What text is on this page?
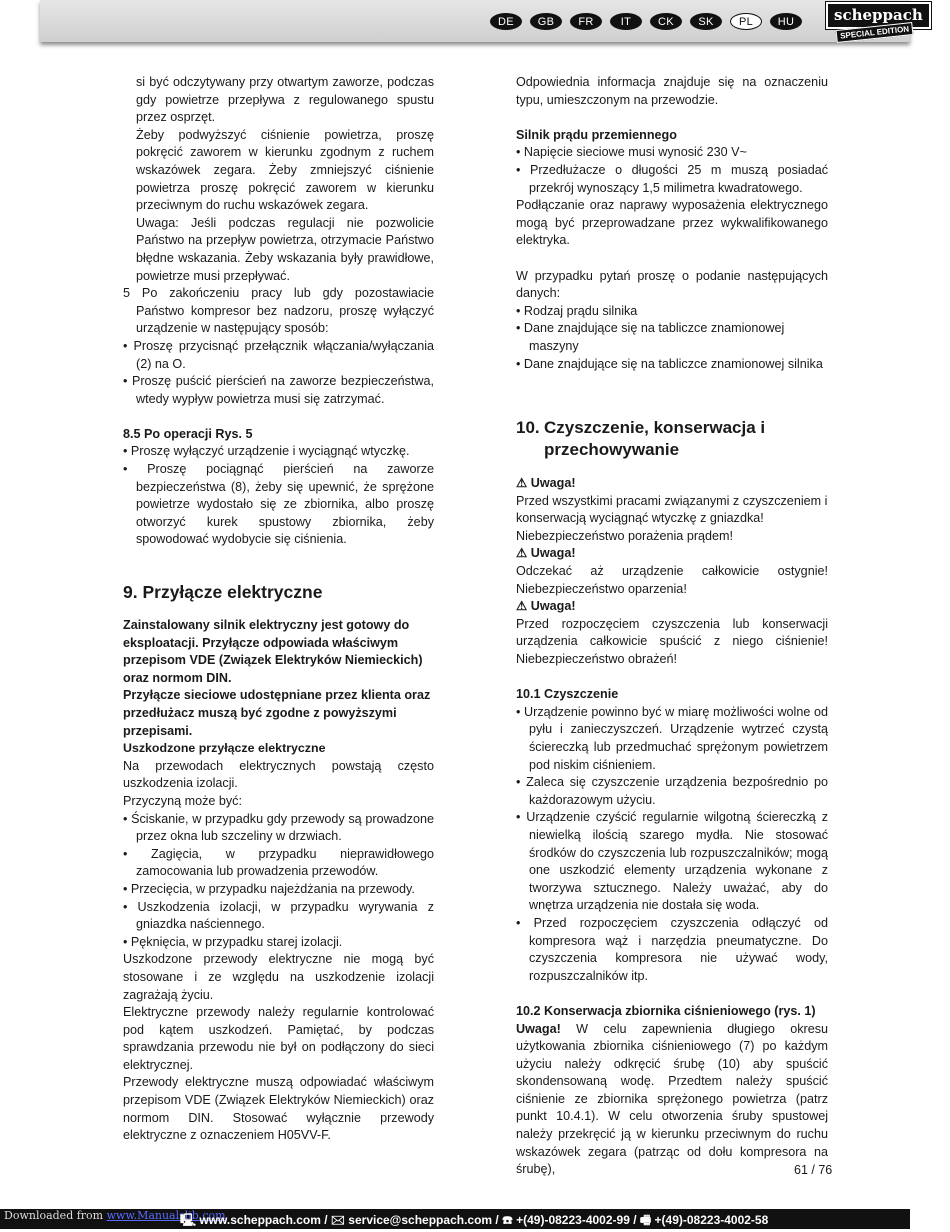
DE	GB	FR	IT	CK	SK	PL	HU	scheppach
SPECIAL EDITION

si być odczytywany przy otwartym zaworze, podczas gdy powietrze przepływa z regulowanego spustu przez osprzęt.

Żeby podwyższyć ciśnienie powietrza, proszę pokręcić zaworem w kierunku zgodnym z ruchem wskazówek zegara. Żeby zmniejszyć ciśnienie powietrza proszę pokręcić zaworem w kierunku przeciwnym do ruchu wskazówek zegara.

Uwaga: Jeśli podczas regulacji nie pozwolicie Państwo na przepływ powietrza, otrzymacie Państwo błędne wskazania. Żeby wskazania były prawidłowe, powietrze musi przepływać.

5 Po zakończeniu pracy lub gdy pozostawiacie Państwo kompresor bez nadzoru, proszę wyłączyć urządzenie w następujący sposób:

• Proszę przycisnąć przełącznik włączania/wyłączania (2) na O.

• Proszę puścić pierścień na zaworze bezpieczeństwa, wtedy wypływ powietrza musi się zatrzymać.

8.5 Po operacji Rys. 5

• Proszę wyłączyć urządzenie i wyciągnąć wtyczkę.

• Proszę pociągnąć pierścień na zaworze bezpieczeństwa (8), żeby się upewnić, że sprężone powietrze wydostało się ze zbiornika, albo proszę otworzyć kurek spustowy zbiornika, żeby spowodować wydobycie się ciśnienia.

9. Przyłącze elektryczne

Zainstalowany silnik elektryczny jest gotowy do eksploatacji. Przyłącze odpowiada właściwym przepisom VDE (Związek Elektryków Niemieckich) oraz normom DIN.

Przyłącze sieciowe udostępniane przez klienta oraz przedłużacz muszą być zgodne z powyższymi przepisami.

Uszkodzone przyłącze elektryczne

Na przewodach elektrycznych powstają często uszkodzenia izolacji.

Przyczyną może być:

• Ściskanie, w przypadku gdy przewody są prowadzone przez okna lub szczeliny w drzwiach.

• Zagięcia, w przypadku nieprawidłowego zamocowania lub prowadzenia przewodów.

• Przecięcia, w przypadku najeżdżania na przewody.

• Uszkodzenia izolacji, w przypadku wyrywania z gniazdka naściennego.

• Pęknięcia, w przypadku starej izolacji.

Uszkodzone przewody elektryczne nie mogą być stosowane i ze względu na uszkodzenie izolacji zagrażają życiu.

Elektryczne przewody należy regularnie kontrolować pod kątem uszkodzeń. Pamiętać, by podczas sprawdzania przewodu nie był on podłączony do sieci elektrycznej.

Przewody elektryczne muszą odpowiadać właściwym przepisom VDE (Związek Elektryków Niemieckich) oraz normom DIN. Stosować wyłącznie przewody elektryczne z oznaczeniem H05VV-F.

Odpowiednia informacja znajduje się na oznaczeniu typu, umieszczonym na przewodzie.

Silnik prądu przemiennego

• Napięcie sieciowe musi wynosić 230 V~

• Przedłużacze o długości 25 m muszą posiadać przekrój wynoszący 1,5 milimetra kwadratowego.

Podłączanie oraz naprawy wyposażenia elektrycznego mogą być przeprowadzane przez wykwalifikowanego elektryka.

W przypadku pytań proszę o podanie następujących danych:

• Rodzaj prądu silnika

• Dane znajdujące się na tabliczce znamionowej maszyny

• Dane znajdujące się na tabliczce znamionowej silnika

10. Czyszczenie, konserwacja i przechowywanie

⚠ Uwaga!

Przed wszystkimi pracami związanymi z czyszczeniem i konserwacją wyciągnąć wtyczkę z gniazdka! Niebezpieczeństwo porażenia prądem!

⚠ Uwaga!

Odczekać aż urządzenie całkowicie ostygnie! Niebezpieczeństwo oparzenia!

⚠ Uwaga!

Przed rozpoczęciem czyszczenia lub konserwacji urządzenia całkowicie spuścić z niego ciśnienie! Niebezpieczeństwo obrażeń!

10.1 Czyszczenie

• Urządzenie powinno być w miarę możliwości wolne od pyłu i zanieczyszczeń. Urządzenie wytrzeć czystą ściereczką lub przedmuchać sprężonym powietrzem pod niskim ciśnieniem.

• Zaleca się czyszczenie urządzenia bezpośrednio po każdorazowym użyciu.

• Urządzenie czyścić regularnie wilgotną ściereczką z niewielką ilością szarego mydła. Nie stosować środków do czyszczenia lub rozpuszczalników; mogą one uszkodzić elementy urządzenia wykonane z tworzywa sztucznego. Należy uważać, aby do wnętrza urządzenia nie dostała się woda.

• Przed rozpoczęciem czyszczenia odłączyć od kompresora wąż i narzędzia pneumatyczne. Do czyszczenia kompresora nie używać wody, rozpuszczalników itp.

10.2 Konserwacja zbiornika ciśnieniowego (rys. 1)

Uwaga! W celu zapewnienia długiego okresu użytkowania zbiornika ciśnieniowego (7) po każdym użyciu należy odkręcić śrubę (10) aby spuścić skondensowaną wodę. Przedtem należy spuścić ciśnienie ze zbiornika sprężonego powietrza (patrz punkt 10.4.1). W celu otworzenia śruby spustowej należy przekręcić ją w kierunku przeciwnym do ruchu wskazówek zegara (patrząc od dołu kompresora na śrubę),	61 / 76
Downloaded from www.Manualslib.com
🖳 www.scheppach.com / 🖂 service@scheppach.com / ☎ +(49)-08223-4002-99 / 🖷 +(49)-08223-4002-58
